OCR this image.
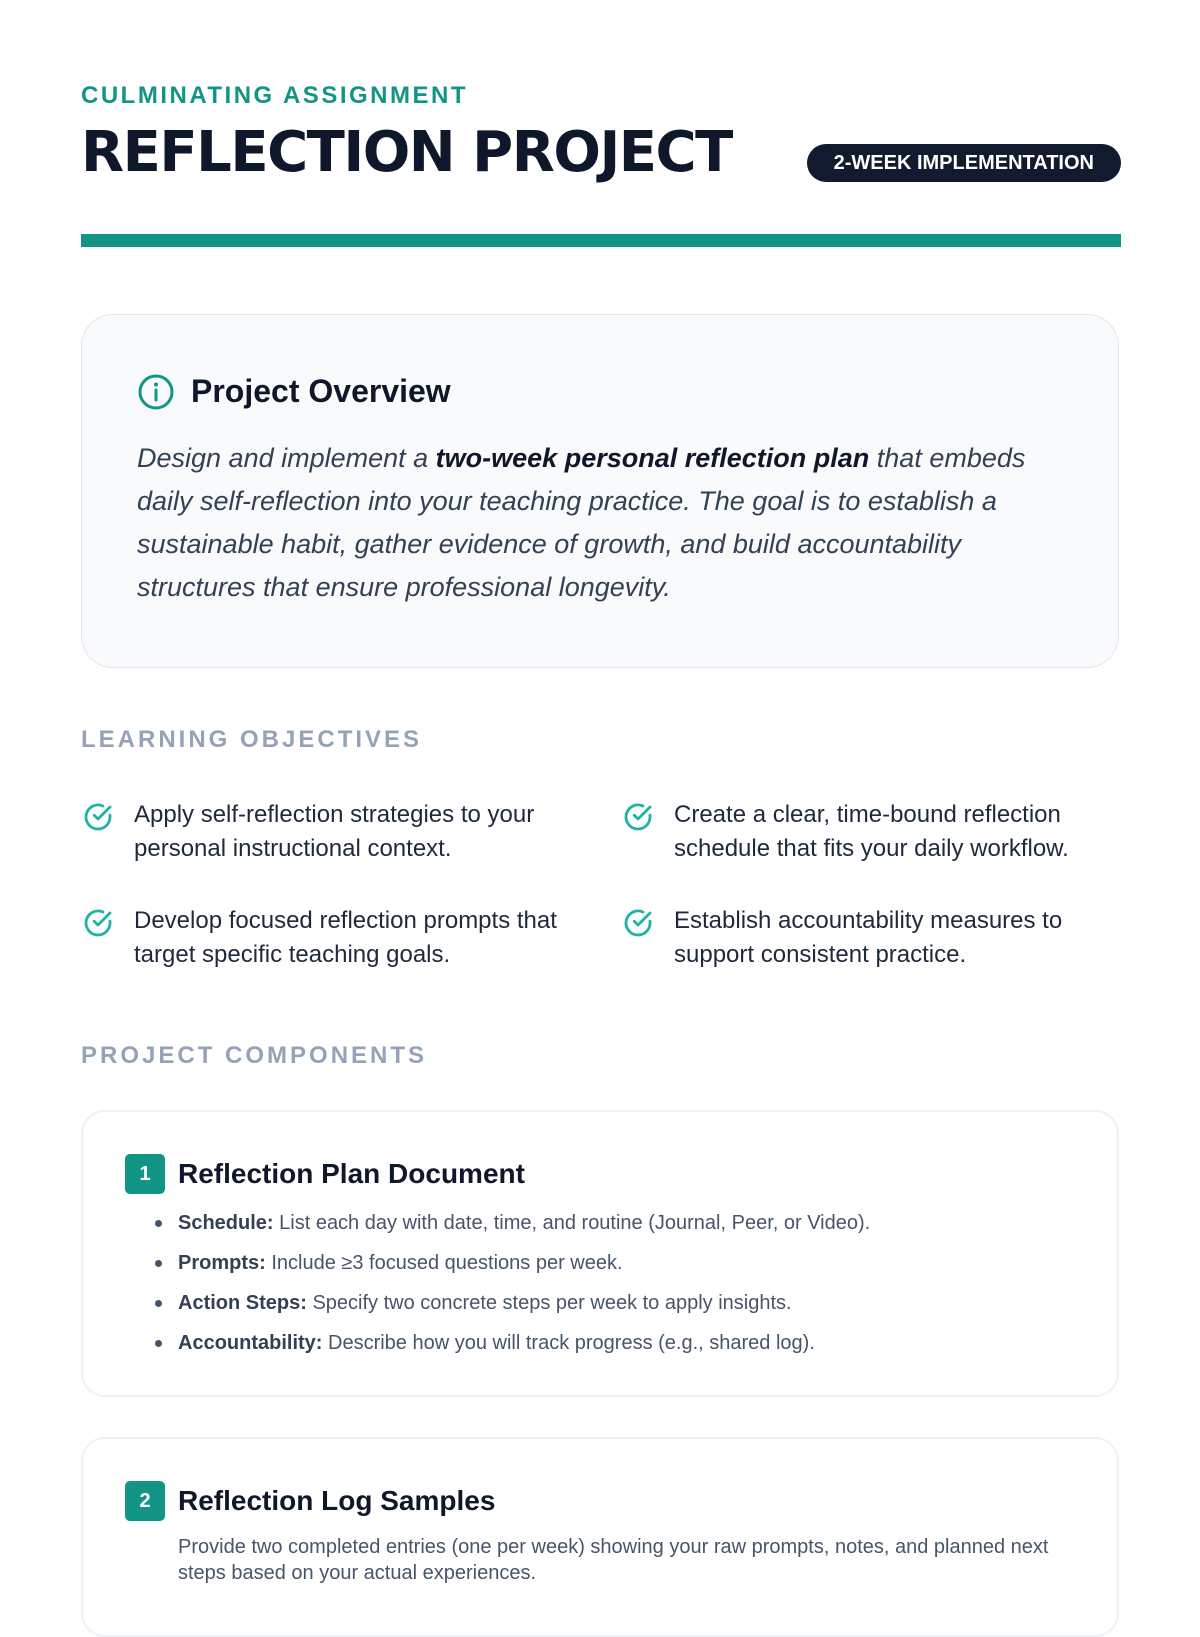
CULMINATING ASSIGNMENT
REFLECTION PROJECT	2-WEEK IMPLEMENTATION
Project Overview

Design and implement a two-week personal reflection plan that embeds daily self-reflection into your teaching practice. The goal is to establish a sustainable habit, gather evidence of growth, and build accountability structures that ensure professional longevity.

LEARNING OBJECTIVES
Apply self-reflection strategies to your personal instructional context.
Create a clear, time-bound reflection schedule that fits your daily workflow.
Develop focused reflection prompts that target specific teaching goals.
Establish accountability measures to support consistent practice.
PROJECT COMPONENTS
1 Reflection Plan Document
Schedule: List each day with date, time, and routine (Journal, Peer, or Video).
Prompts: Include ≥3 focused questions per week.
Action Steps: Specify two concrete steps per week to apply insights.
Accountability: Describe how you will track progress (e.g., shared log).
2 Reflection Log Samples

Provide two completed entries (one per week) showing your raw prompts, notes, and planned next steps based on your actual experiences.
